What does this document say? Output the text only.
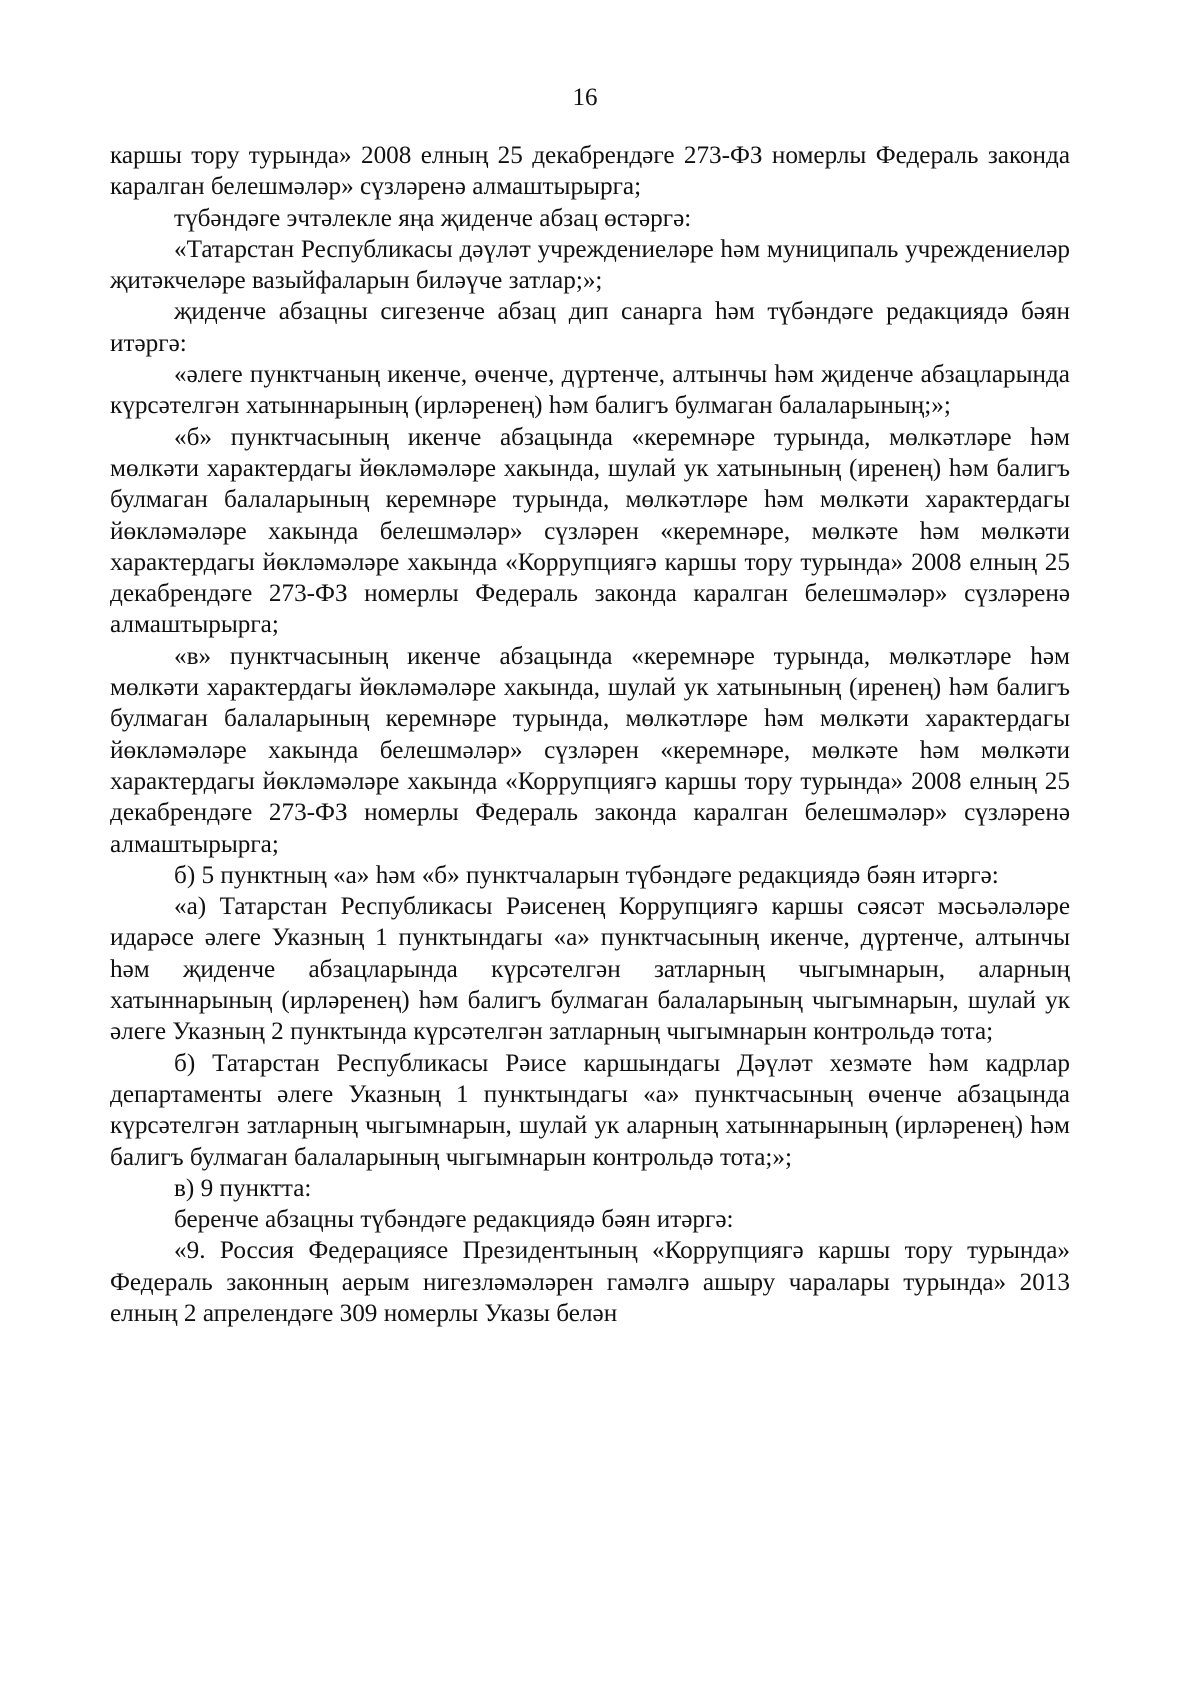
16

каршы тору турында» 2008 елның 25 декабрендәге 273-ФЗ номерлы Федераль законда каралган белешмәләр» сүзләренә алмаштырырга;

түбәндәге эчтәлекле яңа җиденче абзац өстәргә:

«Татарстан Республикасы дәүләт учреждениеләре һәм муниципаль учреждениеләр җитәкчеләре вазыйфаларын биләүче затлар;»;

җиденче абзацны сигезенче абзац дип санарга һәм түбәндәге редакциядә бәян итәргә:

«әлеге пунктчаның икенче, өченче, дүртенче, алтынчы һәм җиденче абзацларында күрсәтелгән хатыннарының (ирләренең) һәм балигъ булмаган балаларының;»;

«б» пунктчасының икенче абзацында «керемнәре турында, мөлкәтләре һәм мөлкәти характердагы йөкләмәләре хакында, шулай ук хатынының (иренең) һәм балигъ булмаган балаларының керемнәре турында, мөлкәтләре һәм мөлкәти характердагы йөкләмәләре хакында белешмәләр» сүзләрен «керемнәре, мөлкәте һәм мөлкәти характердагы йөкләмәләре хакында «Коррупциягә каршы тору турында» 2008 елның 25 декабрендәге 273-ФЗ номерлы Федераль законда каралган белешмәләр» сүзләренә алмаштырырга;

«в» пунктчасының икенче абзацында «керемнәре турында, мөлкәтләре һәм мөлкәти характердагы йөкләмәләре хакында, шулай ук хатынының (иренең) һәм балигъ булмаган балаларының керемнәре турында, мөлкәтләре һәм мөлкәти характердагы йөкләмәләре хакында белешмәләр» сүзләрен «керемнәре, мөлкәте һәм мөлкәти характердагы йөкләмәләре хакында «Коррупциягә каршы тору турында» 2008 елның 25 декабрендәге 273-ФЗ номерлы Федераль законда каралган белешмәләр» сүзләренә алмаштырырга;

б) 5 пунктның «а» һәм «б» пунктчаларын түбәндәге редакциядә бәян итәргә:

«а) Татарстан Республикасы Рәисенең Коррупциягә каршы сәясәт мәсьәләләре идарәсе әлеге Указның 1 пунктындагы «а» пунктчасының икенче, дүртенче, алтынчы һәм җиденче абзацларында күрсәтелгән затларның чыгымнарын, аларның хатыннарының (ирләренең) һәм балигъ булмаган балаларының чыгымнарын, шулай ук әлеге Указның 2 пунктында күрсәтелгән затларның чыгымнарын контрольдә тота;

б) Татарстан Республикасы Рәисе каршындагы Дәүләт хезмәте һәм кадрлар департаменты әлеге Указның 1 пунктындагы «а» пунктчасының өченче абзацында күрсәтелгән затларның чыгымнарын, шулай ук аларның хатыннарының (ирләренең) һәм балигъ булмаган балаларының чыгымнарын контрольдә тота;»;

в) 9 пунктта:

беренче абзацны түбәндәге редакциядә бәян итәргә:

«9. Россия Федерациясе Президентының «Коррупциягә каршы тору турында» Федераль законның аерым нигезләмәләрен гамәлгә ашыру чаралары турында» 2013 елның 2 апрелендәге 309 номерлы Указы белән
